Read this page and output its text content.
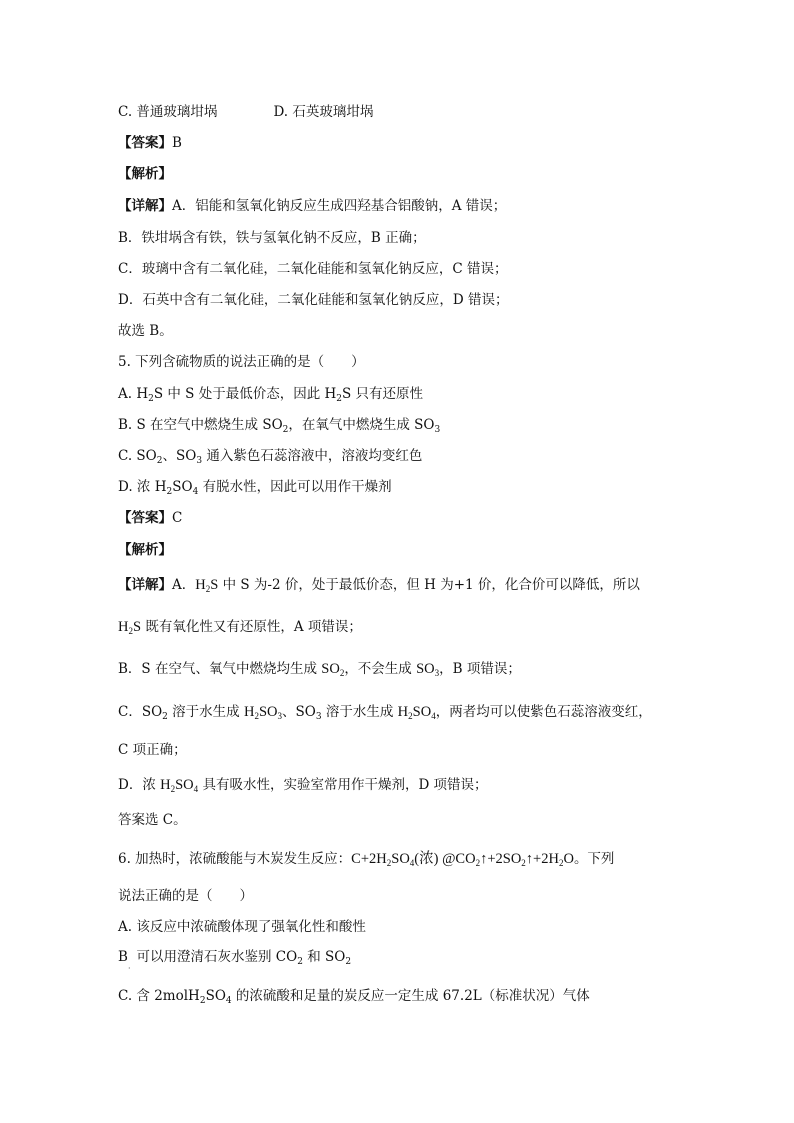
C. 普通玻璃坩埚	D. 石英玻璃坩埚
【答案】B
【解析】
【详解】A．铝能和氢氧化钠反应生成四羟基合铝酸钠，A 错误；
B．铁坩埚含有铁，铁与氢氧化钠不反应，B 正确；
C．玻璃中含有二氧化硅，二氧化硅能和氢氧化钠反应，C 错误；
D．石英中含有二氧化硅，二氧化硅能和氢氧化钠反应，D 错误；
故选 B。
5. 下列含硫物质的说法正确的是（　　）
A. $H_2S$ 中 S 处于最低价态，因此 $H_2S$ 只有还原性
B. S 在空气中燃烧生成 $SO_2$，在氧气中燃烧生成 $SO_3$
C. $SO_2$、$SO_3$ 通入紫色石蕊溶液中，溶液均变红色
D. 浓 $H_2SO_4$ 有脱水性，因此可以用作干燥剂
【答案】C
【解析】
【详解】A．$H_2S$ 中 S 为-2 价，处于最低价态，但 H 为+1 价，化合价可以降低，所以
$H_2S$ 既有氧化性又有还原性，A 项错误；
B．S 在空气、氧气中燃烧均生成 $SO_2$，不会生成 $SO_3$，B 项错误；
C．$SO_2$ 溶于水生成 $H_2SO_3$、$SO_3$ 溶于水生成 $H_2SO_4$，两者均可以使紫色石蕊溶液变红，
C 项正确；
D．浓 $H_2SO_4$ 具有吸水性，实验室常用作干燥剂，D 项错误；
答案选 C。
6. 加热时，浓硫酸能与木炭发生反应：$C+2H_2SO_4$(浓) $@CO_2↑+2SO_2↑+2H_2O$。下列
说法正确的是（　　）
A. 该反应中浓硫酸体现了强氧化性和酸性
B  可以用澄清石灰水鉴别 $CO_2$ 和 $SO_2$
·
C. 含 $2molH_2SO_4$ 的浓硫酸和足量的炭反应一定生成 67.2L（标准状况）气体
